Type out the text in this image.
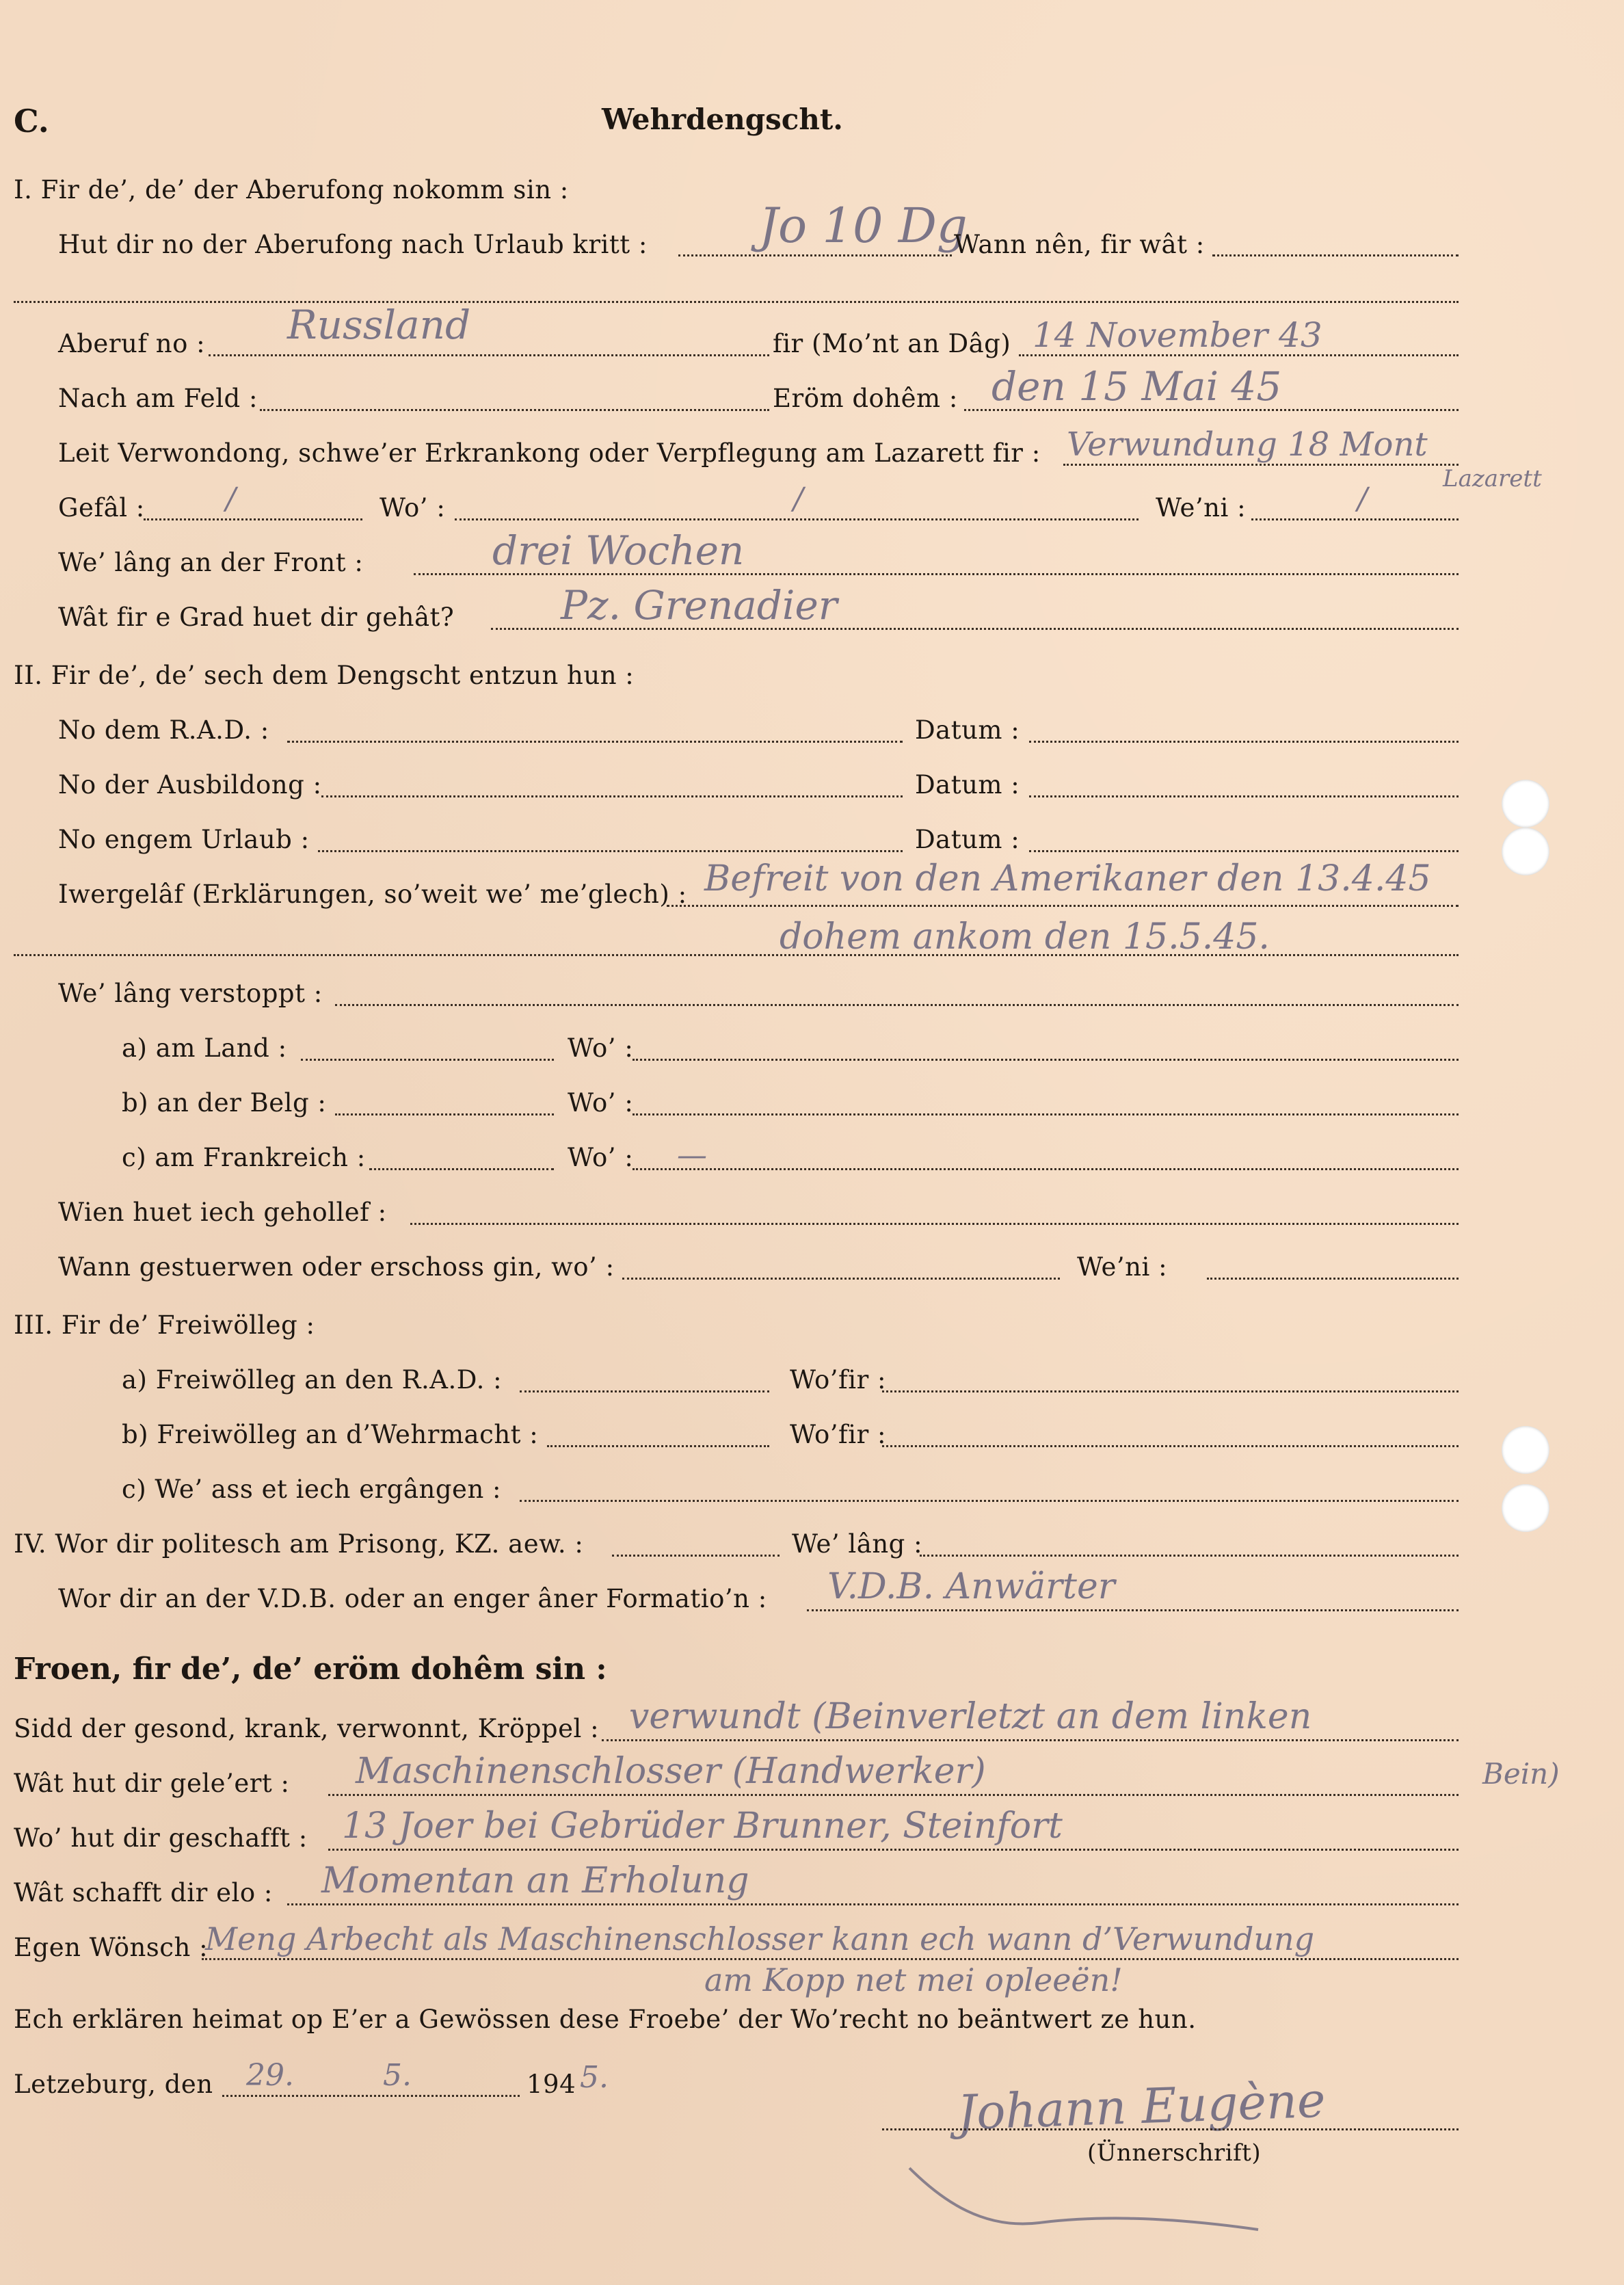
C.	Wehrdengscht.
I. Fir de’, de’ der Aberufong nokomm sin :
Hut dir no der Aberufong nach Urlaub kritt : Jo 10 Dg
Wann nên, fir wât :
Aberuf no : Russland	fir (Mo’nt an Dâg) 14 November 43
Nach am Feld :	Eröm dohêm : den 15 Mai 45
Leit Verwondong, schwe’er Erkrankong oder Verpflegung am Lazarett fir : Verwundung 18 Mont
Lazarett
Gefâl :	/	Wo’ :	/	We’ni :	/
We’ lâng an der Front :	drei Wochen
Wât fir e Grad huet dir gehât?	Pz. Grenadier
II. Fir de’, de’ sech dem Dengscht entzun hun :
No dem R.A.D. :	Datum :
No der Ausbildong :	Datum :
No engem Urlaub :	Datum :
Iwergelâf (Erklärungen, so’weit we’ me’glech) : Befreit von den Amerikaner den 13.4.45
dohem ankom den 15.5.45.
We’ lâng verstoppt :
a) am Land :	Wo’ :
b) an der Belg :	Wo’ :
c) am Frankreich :	Wo’ : —
Wien huet iech gehollef :
Wann gestuerwen oder erschoss gin, wo’ :	We’ni :
III. Fir de’ Freiwölleg :
a) Freiwölleg an den R.A.D. :	Wo’fir :
b) Freiwölleg an d’Wehrmacht :	Wo’fir :
c) We’ ass et iech ergângen :
IV. Wor dir politesch am Prisong, KZ. aew. :	We’ lâng :
Wor dir an der V.D.B. oder an enger âner Formatio’n : V.D.B. Anwärter
Froen, fir de’, de’ eröm dohêm sin :
Sidd der gesond, krank, verwonnt, Kröppel : verwundt (Beinverletzt an dem linken
Wât hut dir gele’ert : Maschinenschlosser (Handwerker)	Bein)
Wo’ hut dir geschafft : 13 Joer bei Gebrüder Brunner, Steinfort
Wât schafft dir elo : Momentan an Erholung
Egen Wönsch :
Meng Arbecht als Maschinenschlosser kann ech wann d’Verwundung
am Kopp net mei opleeën!
Ech erklären heimat op E’er a Gewössen dese Froebe’ der Wo’recht no beäntwert ze hun.
Letzeburg, den 29.	5.	194 5.	Johann Eugène
(Ünnerschrift)
